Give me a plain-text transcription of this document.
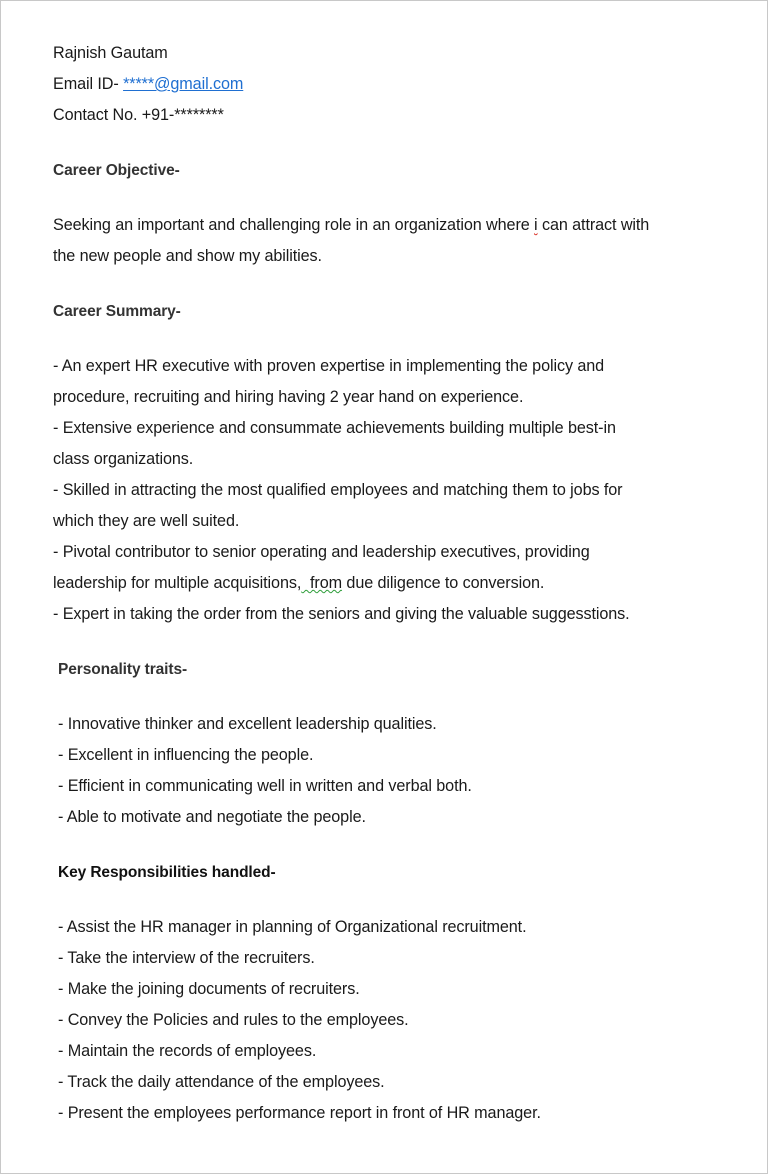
Rajnish Gautam
Email ID- *****@gmail.com
Contact No. +91-********
Career Objective-
Seeking an important and challenging role in an organization where i can attract with
the new people and show my abilities.
Career Summary-
- An expert HR executive with proven expertise in implementing the policy and
procedure, recruiting and hiring having 2 year hand on experience.
- Extensive experience and consummate achievements building multiple best-in
class organizations.
- Skilled in attracting the most qualified employees and matching them to jobs for
which they are well suited.
- Pivotal contributor to senior operating and leadership executives, providing
leadership for multiple acquisitions,  from due diligence to conversion.
- Expert in taking the order from the seniors and giving the valuable suggesstions.
Personality traits-
- Innovative thinker and excellent leadership qualities.
- Excellent in influencing the people.
- Efficient in communicating well in written and verbal both.
- Able to motivate and negotiate the people.
Key Responsibilities handled-
- Assist the HR manager in planning of Organizational recruitment.
- Take the interview of the recruiters.
- Make the joining documents of recruiters.
- Convey the Policies and rules to the employees.
- Maintain the records of employees.
- Track the daily attendance of the employees.
- Present the employees performance report in front of HR manager.
